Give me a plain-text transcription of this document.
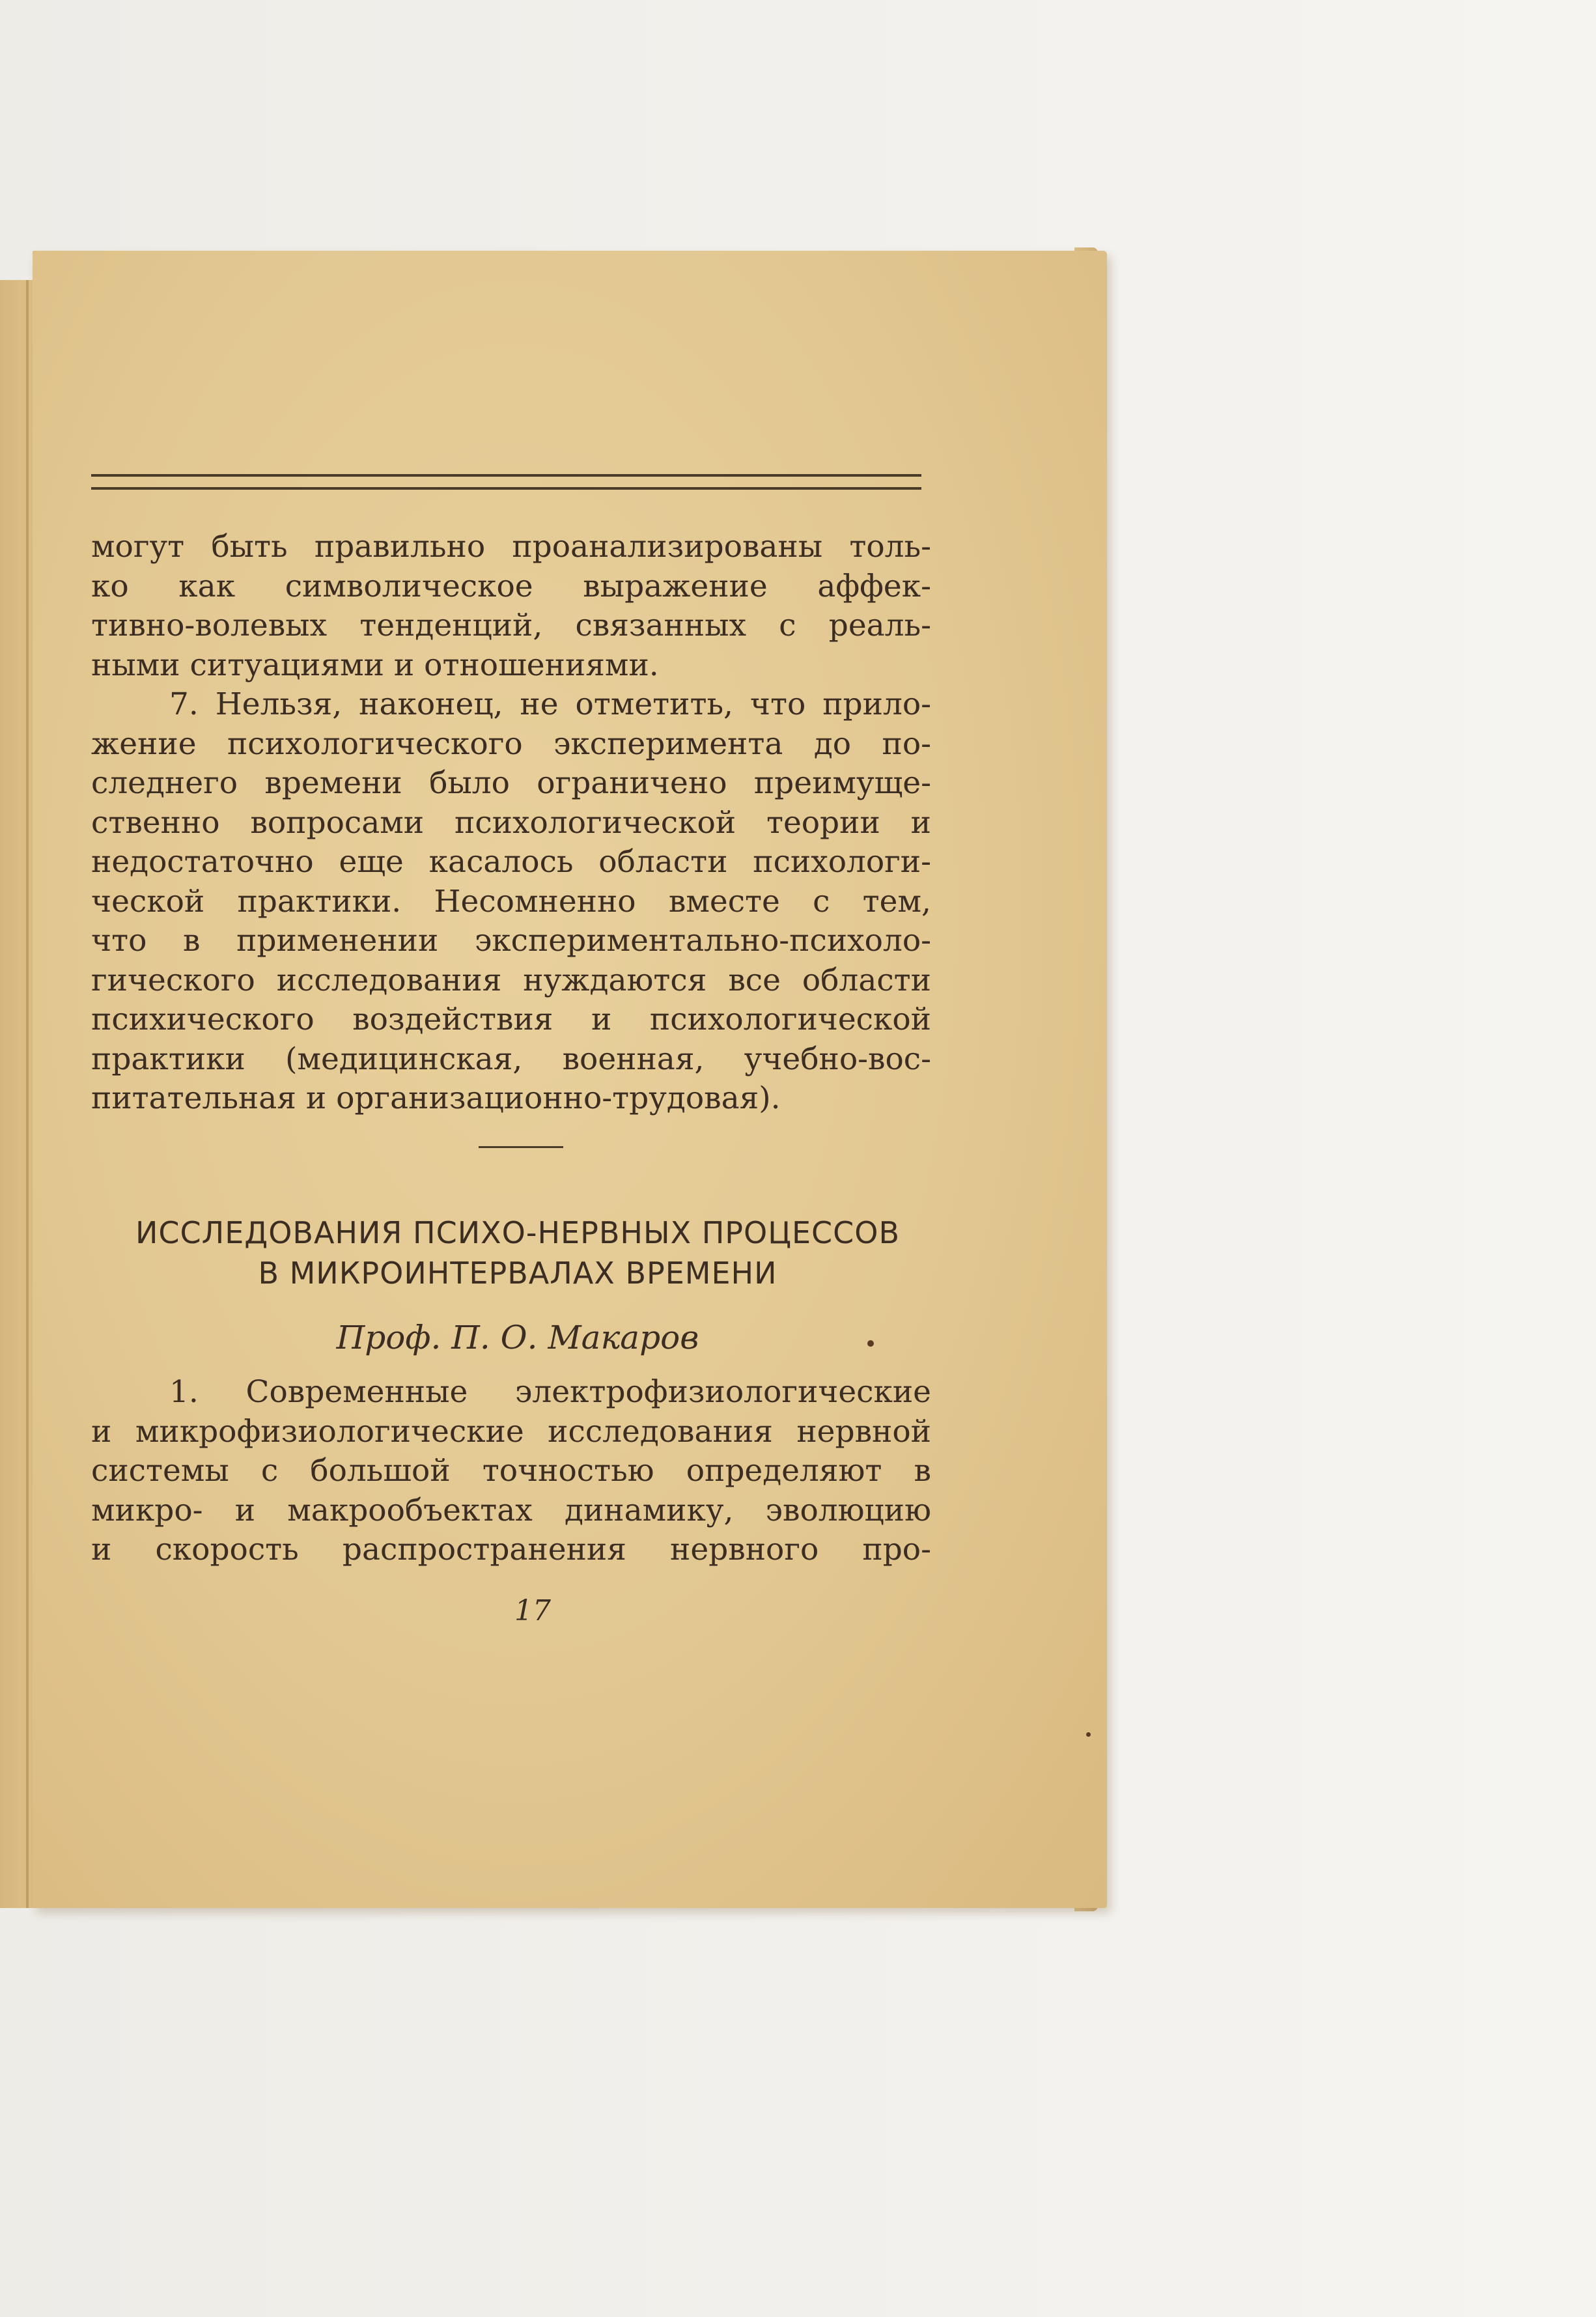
могут быть правильно проанализированы толь-
ко как символическое выражение аффек-
тивно-волевых тенденций, связанных с реаль-
ными ситуациями и отношениями.
7. Нельзя, наконец, не отметить, что прило-
жение психологического эксперимента до по-
следнего времени было ограничено преимуще-
ственно вопросами психологической теории и
недостаточно еще касалось области психологи-
ческой практики. Несомненно вместе с тем,
что в применении экспериментально-психоло-
гического исследования нуждаются все области
психического воздействия и психологической
практики (медицинская, военная, учебно-вос-
питательная и организационно-трудовая).
ИССЛЕДОВАНИЯ ПСИХО-НЕРВНЫХ ПРОЦЕССОВ
В МИКРОИНТЕРВАЛАХ ВРЕМЕНИ
Проф. П. О. Макаров
1. Современные электрофизиологические
и микрофизиологические исследования нервной
системы с большой точностью определяют в
микро- и макрообъектах динамику, эволюцию
и скорость распространения нервного про-
17
